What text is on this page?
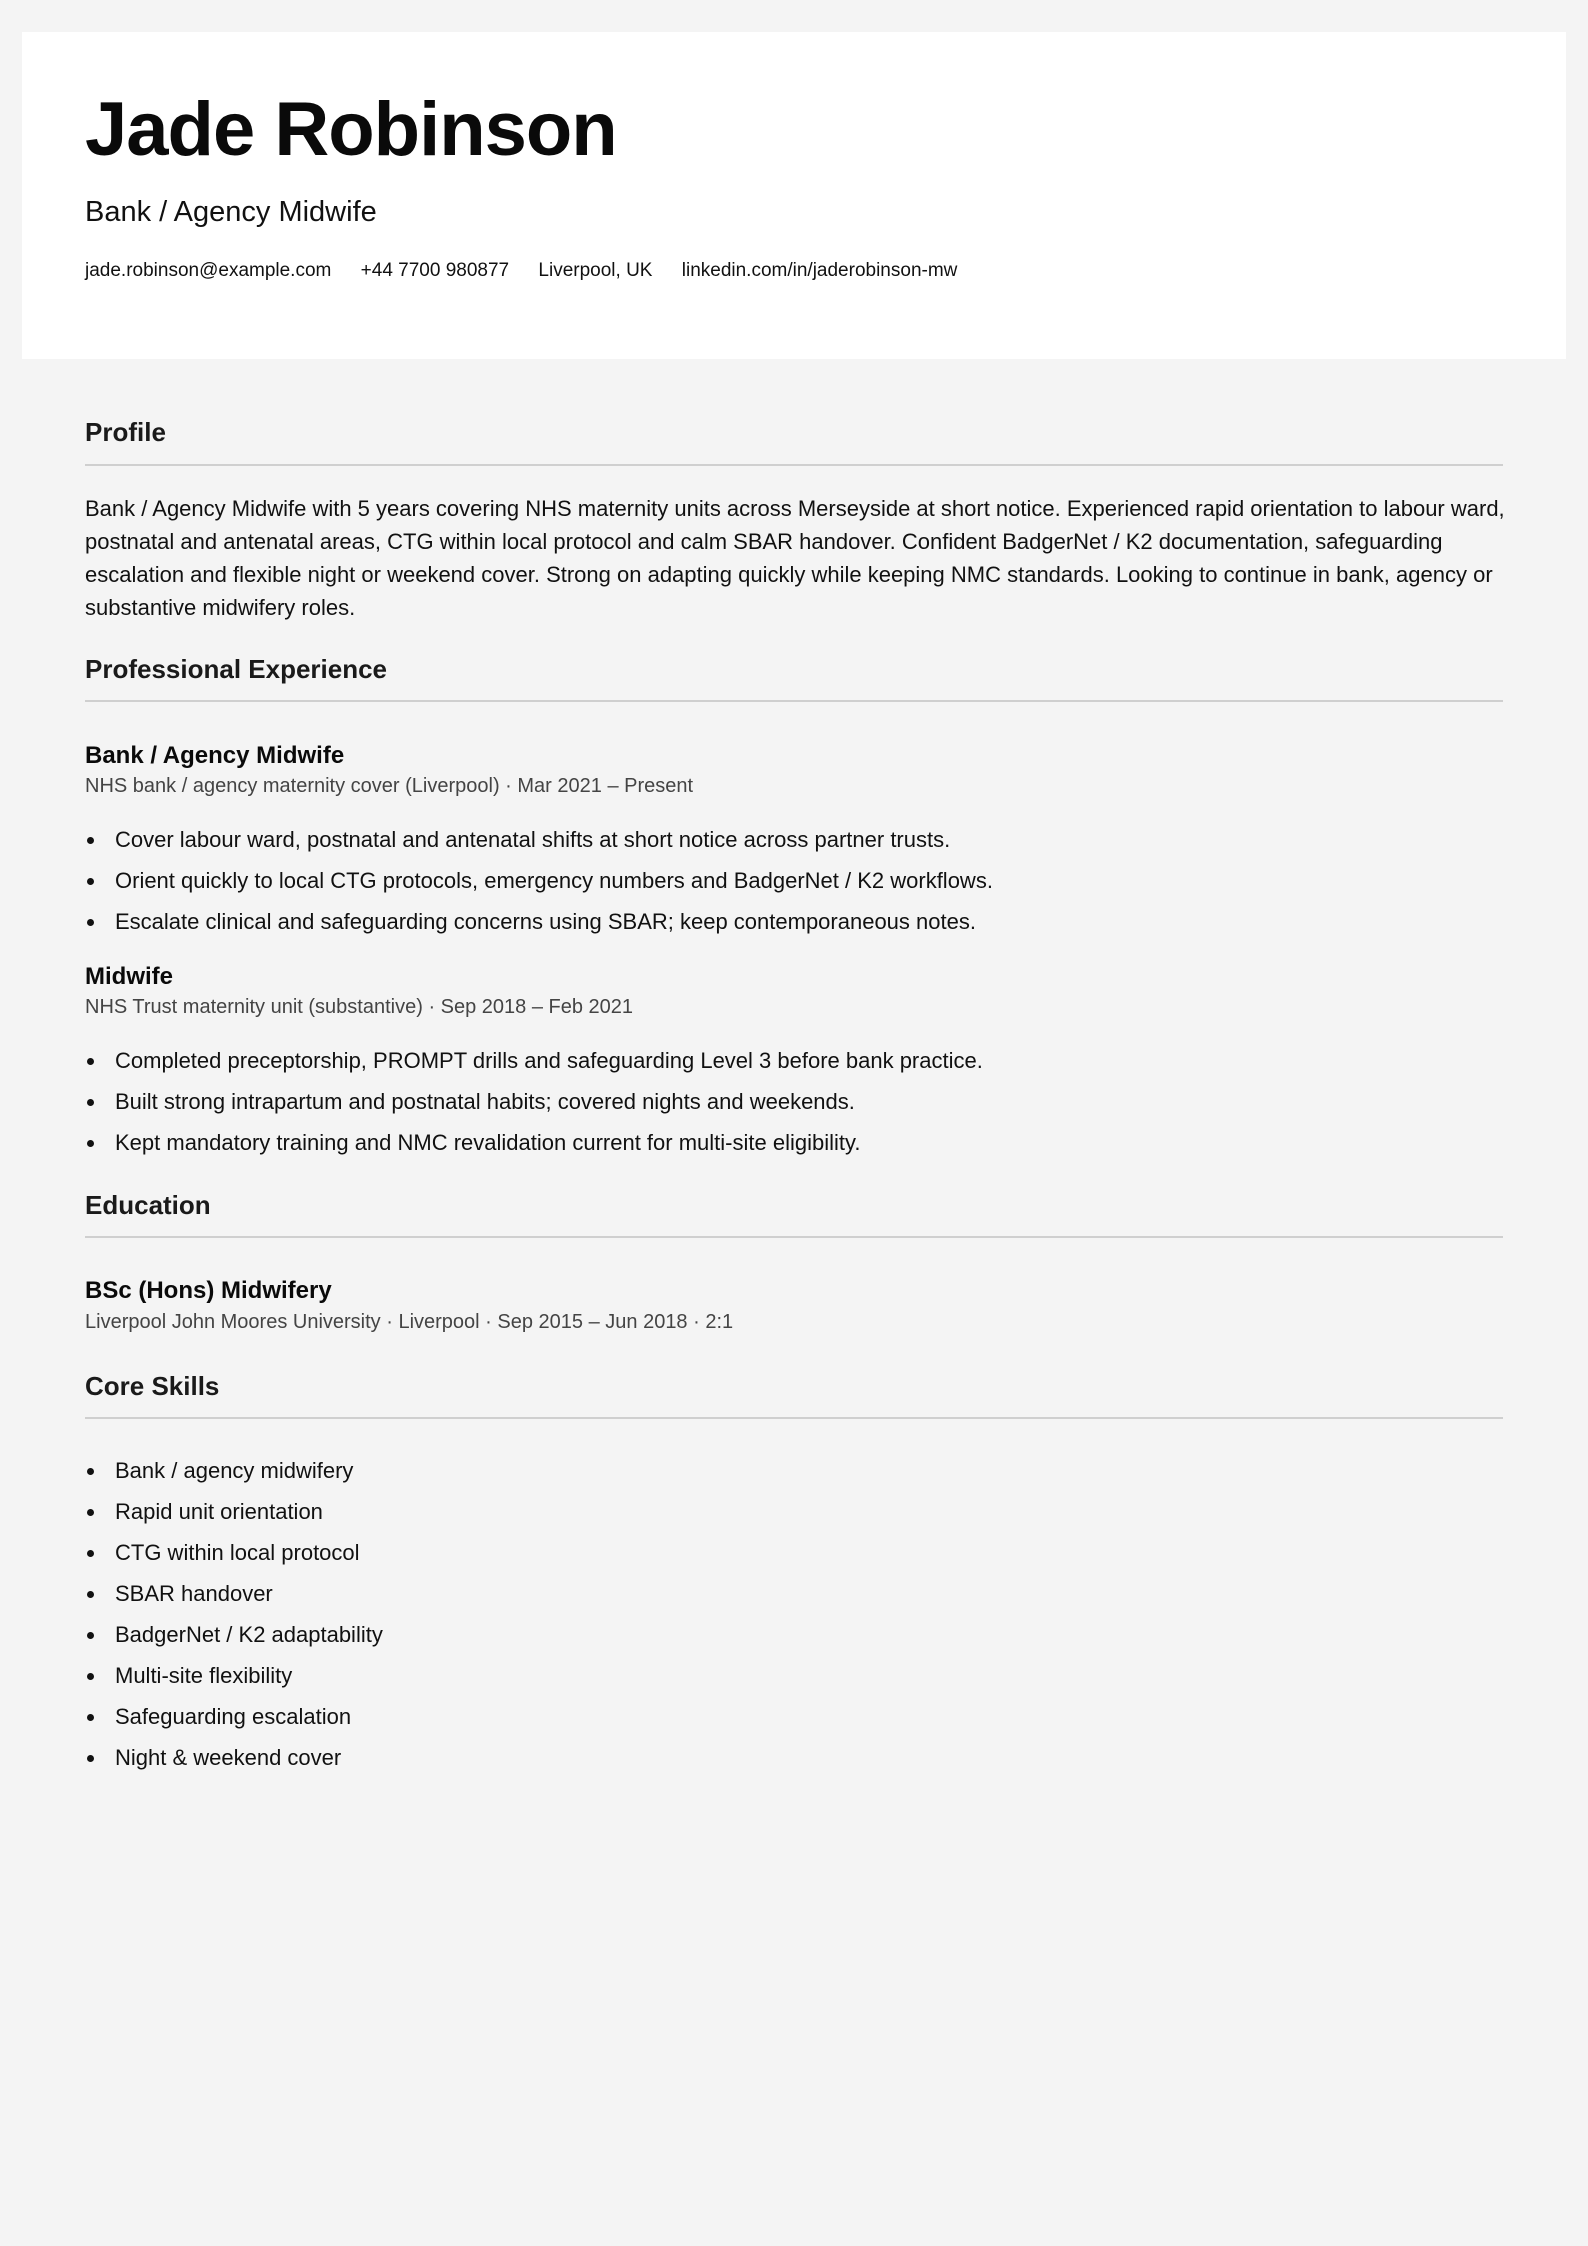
Jade Robinson
Bank / Agency Midwife
jade.robinson@example.com +44 7700 980877 Liverpool, UK linkedin.com/in/jaderobinson-mw
Profile
Bank / Agency Midwife with 5 years covering NHS maternity units across Merseyside at short notice. Experienced rapid orientation to labour ward, postnatal and antenatal areas, CTG within local protocol and calm SBAR handover. Confident BadgerNet / K2 documentation, safeguarding escalation and flexible night or weekend cover. Strong on adapting quickly while keeping NMC standards. Looking to continue in bank, agency or substantive midwifery roles.
Professional Experience
Bank / Agency Midwife
NHS bank / agency maternity cover (Liverpool) · Mar 2021 – Present
Cover labour ward, postnatal and antenatal shifts at short notice across partner trusts.
Orient quickly to local CTG protocols, emergency numbers and BadgerNet / K2 workflows.
Escalate clinical and safeguarding concerns using SBAR; keep contemporaneous notes.
Midwife
NHS Trust maternity unit (substantive) · Sep 2018 – Feb 2021
Completed preceptorship, PROMPT drills and safeguarding Level 3 before bank practice.
Built strong intrapartum and postnatal habits; covered nights and weekends.
Kept mandatory training and NMC revalidation current for multi-site eligibility.
Education
BSc (Hons) Midwifery
Liverpool John Moores University · Liverpool · Sep 2015 – Jun 2018 · 2:1
Core Skills
Bank / agency midwifery
Rapid unit orientation
CTG within local protocol
SBAR handover
BadgerNet / K2 adaptability
Multi-site flexibility
Safeguarding escalation
Night & weekend cover
